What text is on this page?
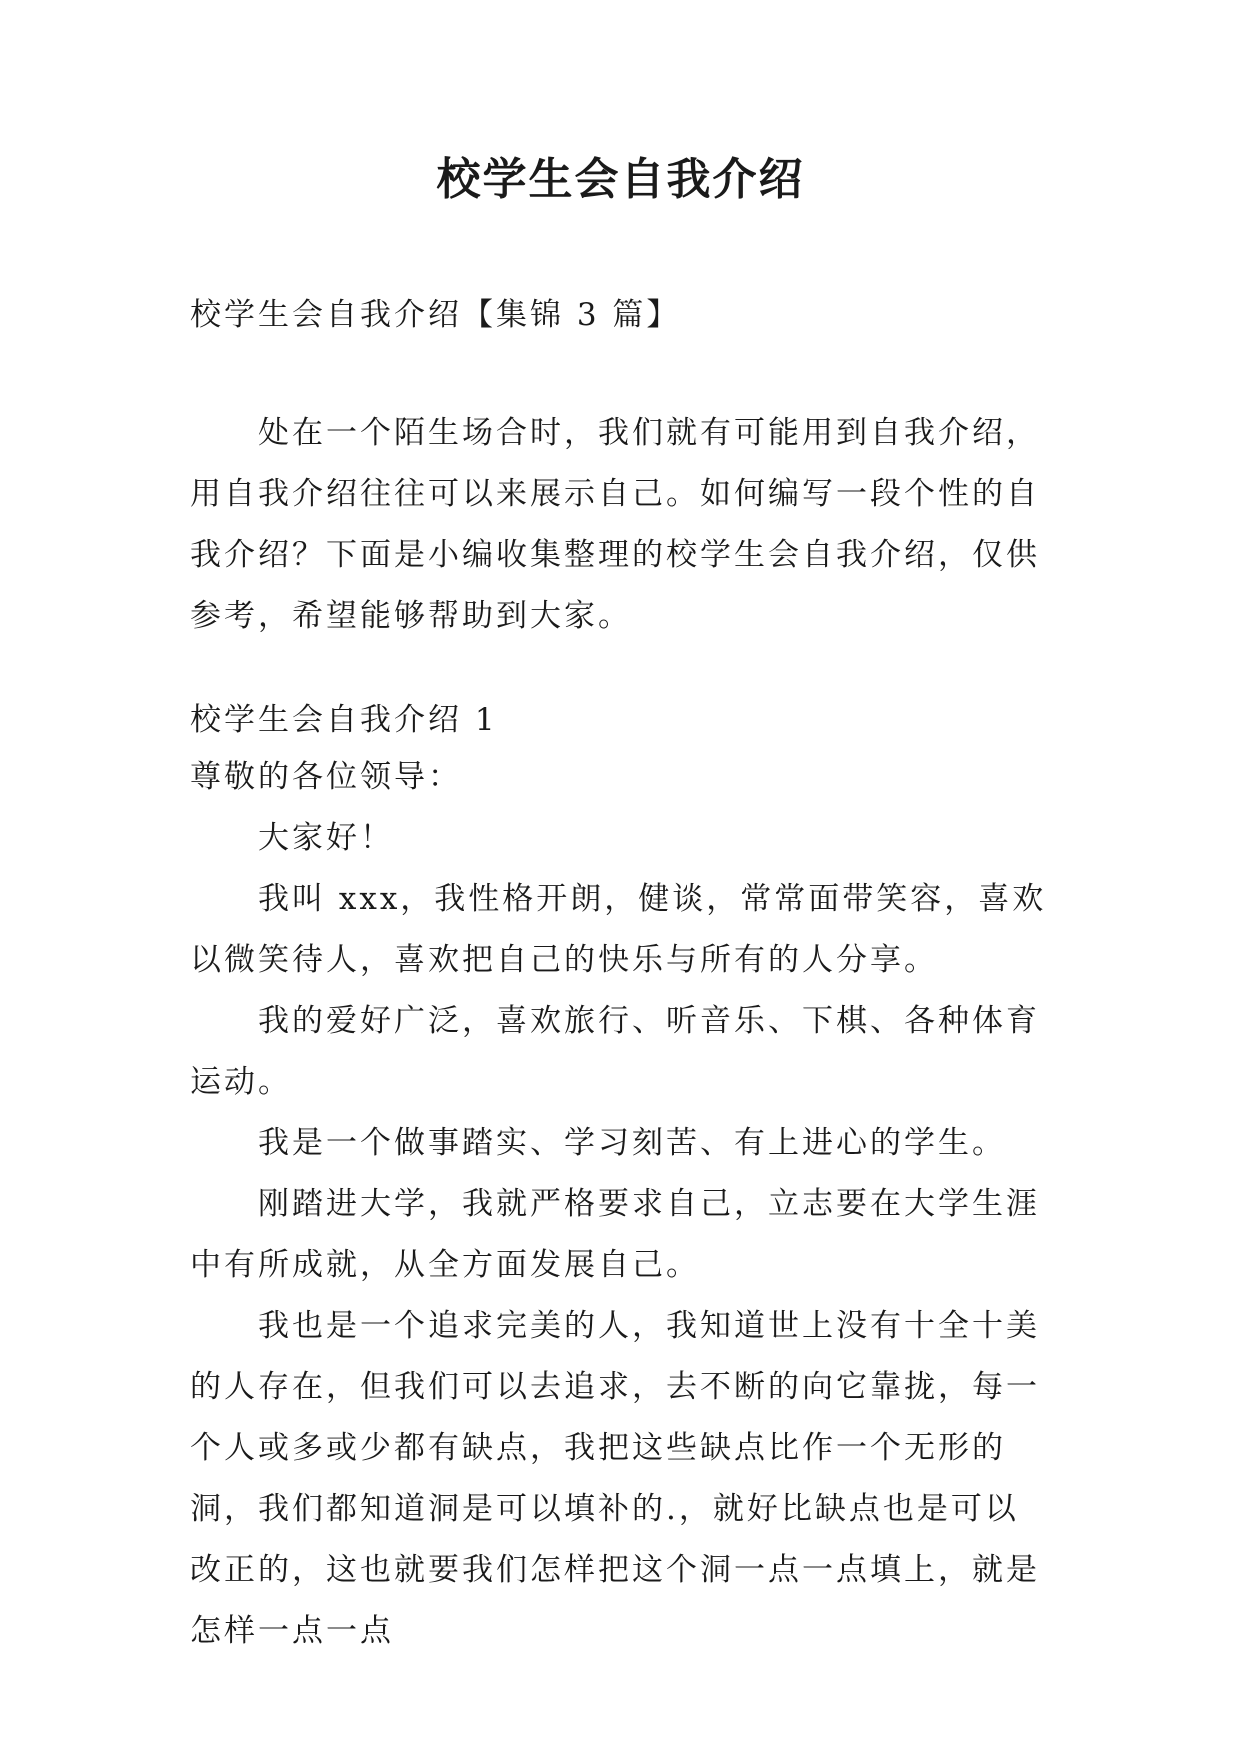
校学生会自我介绍
校学生会自我介绍【集锦 3 篇】

处在一个陌生场合时，我们就有可能用到自我介绍，用自我介绍往往可以来展示自己。如何编写一段个性的自我介绍？下面是小编收集整理的校学生会自我介绍，仅供参考，希望能够帮助到大家。

校学生会自我介绍 1

尊敬的各位领导：

大家好！

我叫 xxx，我性格开朗，健谈，常常面带笑容，喜欢以微笑待人，喜欢把自己的快乐与所有的人分享。

我的爱好广泛，喜欢旅行、听音乐、下棋、各种体育运动。

我是一个做事踏实、学习刻苦、有上进心的学生。

刚踏进大学，我就严格要求自己，立志要在大学生涯中有所成就，从全方面发展自己。

我也是一个追求完美的人，我知道世上没有十全十美的人存在，但我们可以去追求，去不断的向它靠拢，每一个人或多或少都有缺点，我把这些缺点比作一个无形的洞，我们都知道洞是可以填补的.，就好比缺点也是可以改正的，这也就要我们怎样把这个洞一点一点填上，就是怎样一点一点
